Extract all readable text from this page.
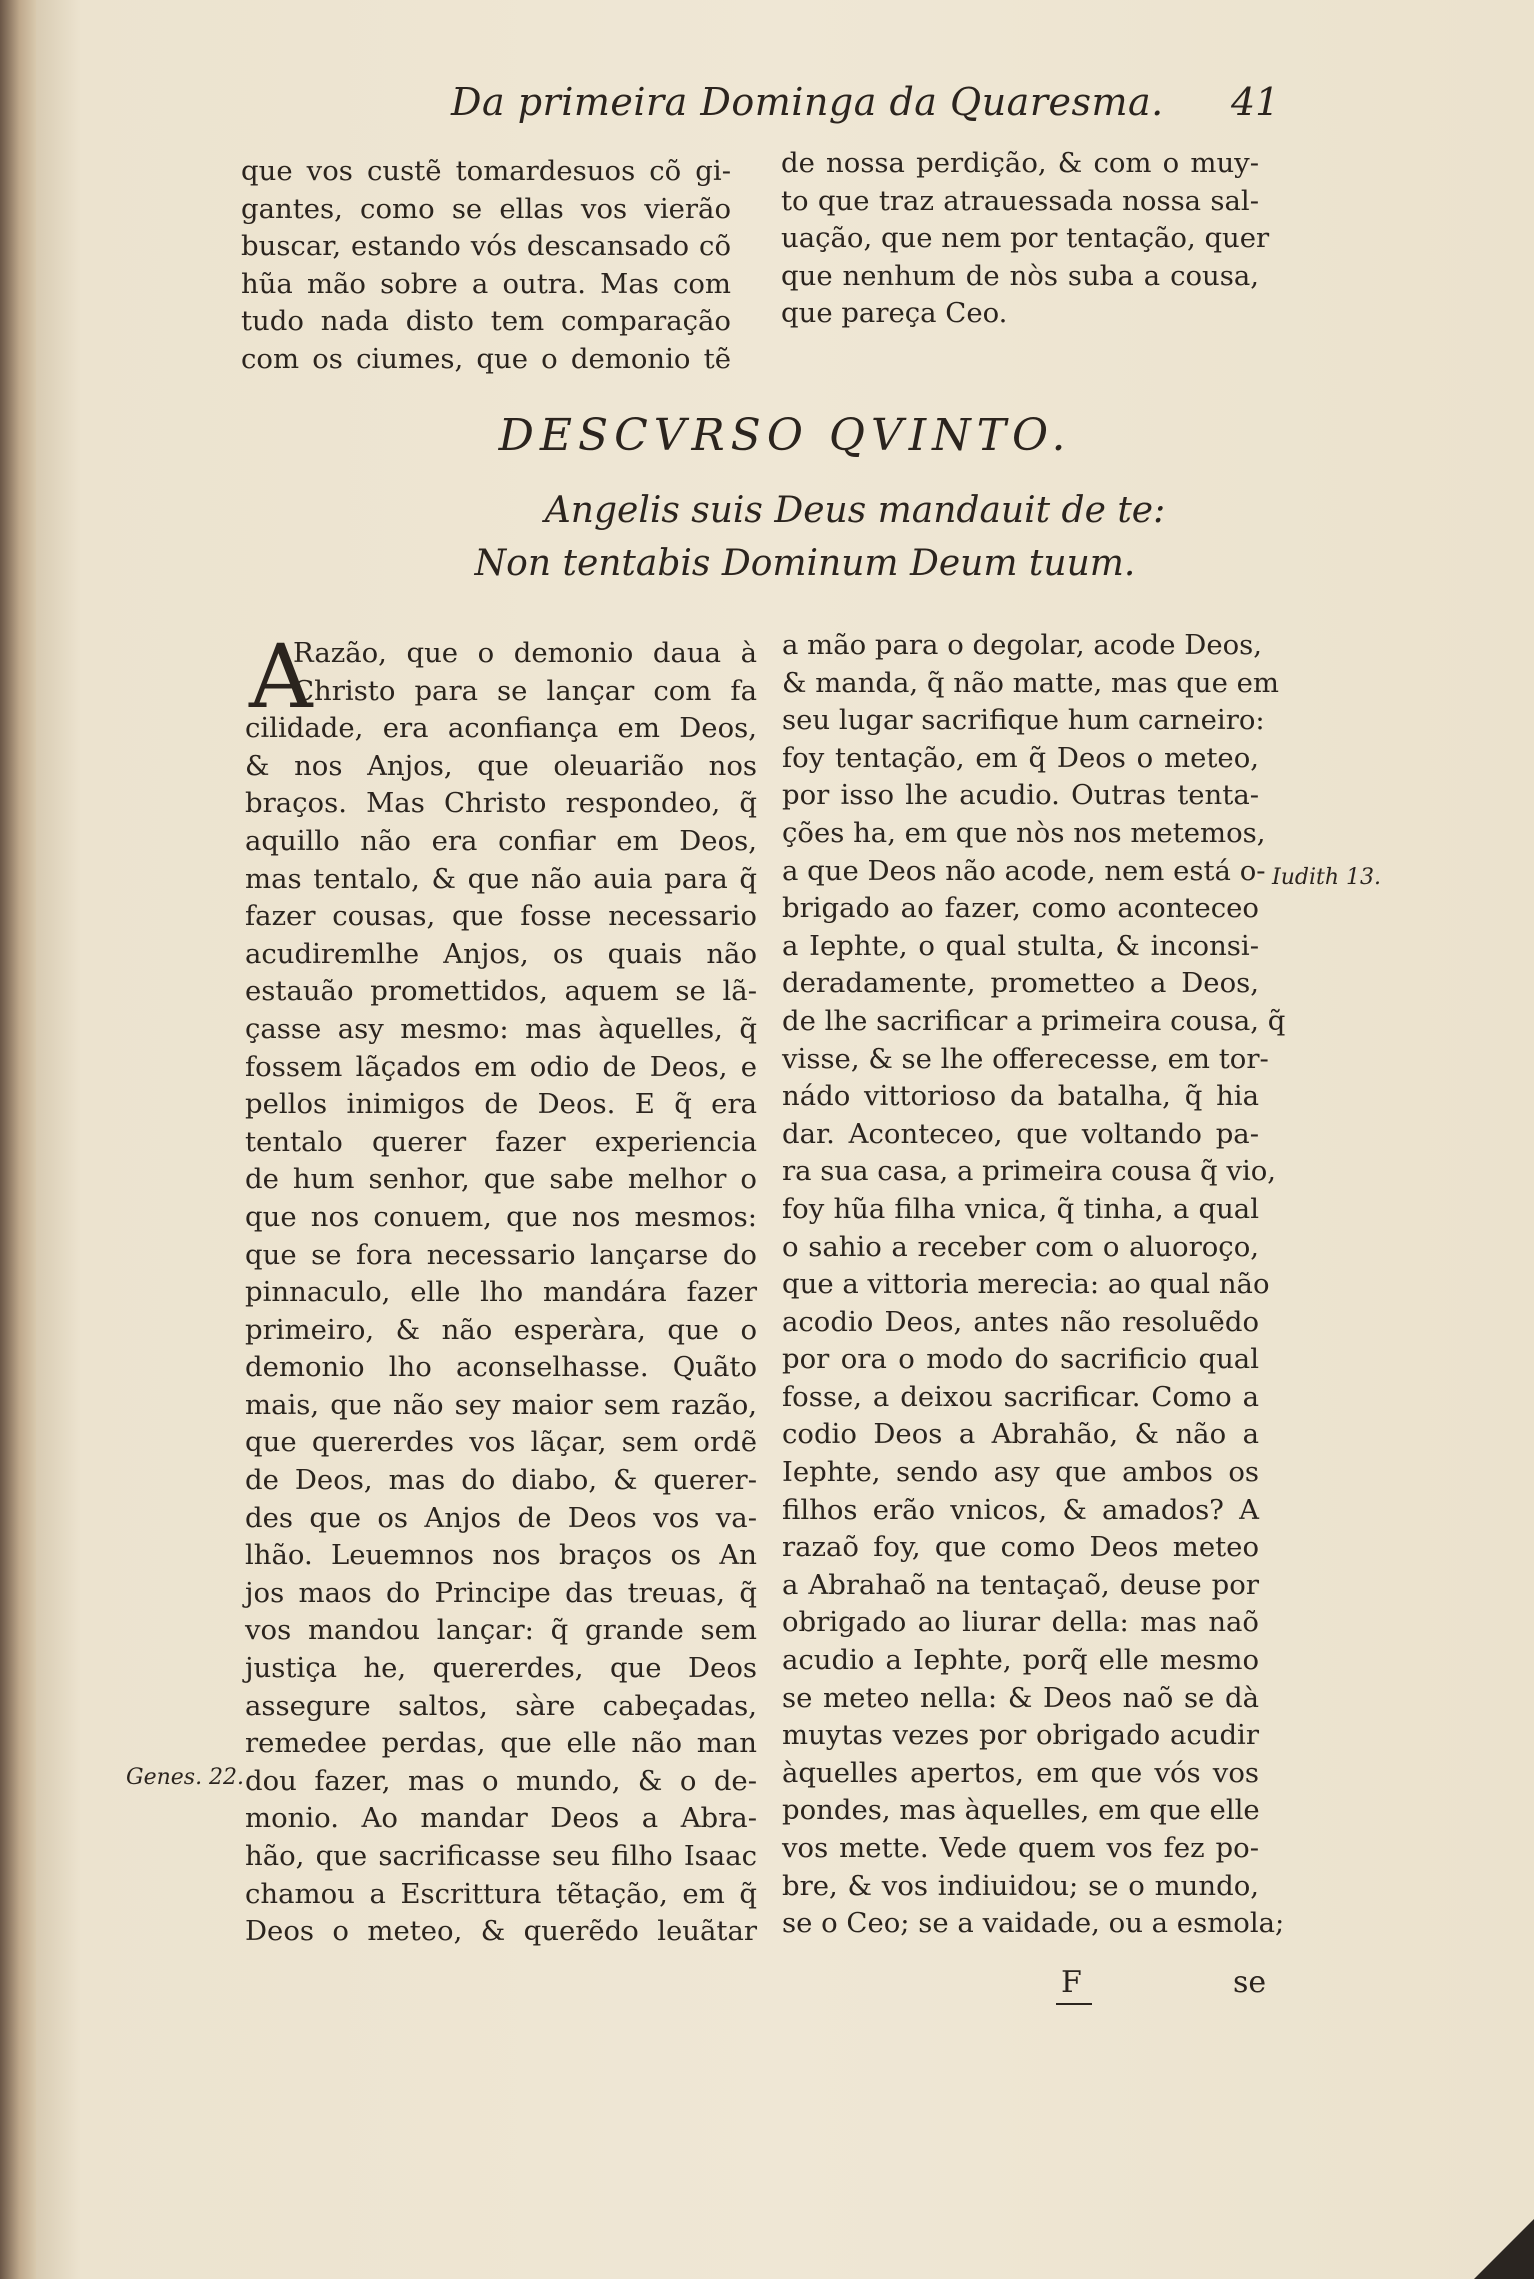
Da primeira Dominga da Quaresma. 41
que vos custẽ tomardesuos cõ gi-
gantes, como se ellas vos vierão
buscar, estando vós descansado cõ
hũa mão sobre a outra. Mas com
tudo nada disto tem comparação
com os ciumes, que o demonio tẽ
de nossa perdição, & com o muy-
to que traz atrauessada nossa sal-
uação, que nem por tentação, quer
que nenhum de nòs suba a cousa,
que pareça Ceo.
DESCVRSO QVINTO.
Angelis suis Deus mandauit de te:
Non tentabis Dominum Deum tuum.
A
Razão, que o demonio daua à
Christo para se lançar com fa
cilidade, era aconfiança em Deos,
& nos Anjos, que oleuarião nos
braços. Mas Christo respondeo, q̃
aquillo não era confiar em Deos,
mas tentalo, & que não auia para q̃
fazer cousas, que fosse necessario
acudiremlhe Anjos, os quais não
estauão promettidos, aquem se lã-
çasse asy mesmo: mas àquelles, q̃
fossem lãçados em odio de Deos, e
pellos inimigos de Deos. E q̃ era
tentalo querer fazer experiencia
de hum senhor, que sabe melhor o
que nos conuem, que nos mesmos:
que se fora necessario lançarse do
pinnaculo, elle lho mandára fazer
primeiro, & não esperàra, que o
demonio lho aconselhasse. Quãto
mais, que não sey maior sem razão,
que quererdes vos lãçar, sem ordẽ
de Deos, mas do diabo, & querer-
des que os Anjos de Deos vos va-
lhão. Leuemnos nos braços os An
jos maos do Principe das treuas, q̃
vos mandou lançar: q̃ grande sem
justiça he, quererdes, que Deos
assegure saltos, sàre cabeçadas,
remedee perdas, que elle não man
dou fazer, mas o mundo, & o de-
monio. Ao mandar Deos a Abra-
hão, que sacrificasse seu filho Isaac
chamou a Escrittura tẽtação, em q̃
Deos o meteo, & querẽdo leuãtar
a mão para o degolar, acode Deos,
& manda, q̃ não matte, mas que em
seu lugar sacrifique hum carneiro:
foy tentação, em q̃ Deos o meteo,
por isso lhe acudio. Outras tenta-
ções ha, em que nòs nos metemos,
a que Deos não acode, nem está o-
brigado ao fazer, como aconteceo
a Iephte, o qual stulta, & inconsi-
deradamente, prometteo a Deos,
de lhe sacrificar a primeira cousa, q̃
visse, & se lhe offerecesse, em tor-
nádo vittorioso da batalha, q̃ hia
dar. Aconteceo, que voltando pa-
ra sua casa, a primeira cousa q̃ vio,
foy hũa filha vnica, q̃ tinha, a qual
o sahio a receber com o aluoroço,
que a vittoria merecia: ao qual não
acodio Deos, antes não resoluẽdo
por ora o modo do sacrificio qual
fosse, a deixou sacrificar. Como a
codio Deos a Abrahão, & não a
Iephte, sendo asy que ambos os
filhos erão vnicos, & amados? A
razaõ foy, que como Deos meteo
a Abrahaõ na tentaçaõ, deuse por
obrigado ao liurar della: mas naõ
acudio a Iephte, porq̃ elle mesmo
se meteo nella: & Deos naõ se dà
muytas vezes por obrigado acudir
àquelles apertos, em que vós vos
pondes, mas àquelles, em que elle
vos mette. Vede quem vos fez po-
bre, & vos indiuidou; se o mundo,
se o Ceo; se a vaidade, ou a esmola;
Genes. 22.
Iudith 13.
F	se
